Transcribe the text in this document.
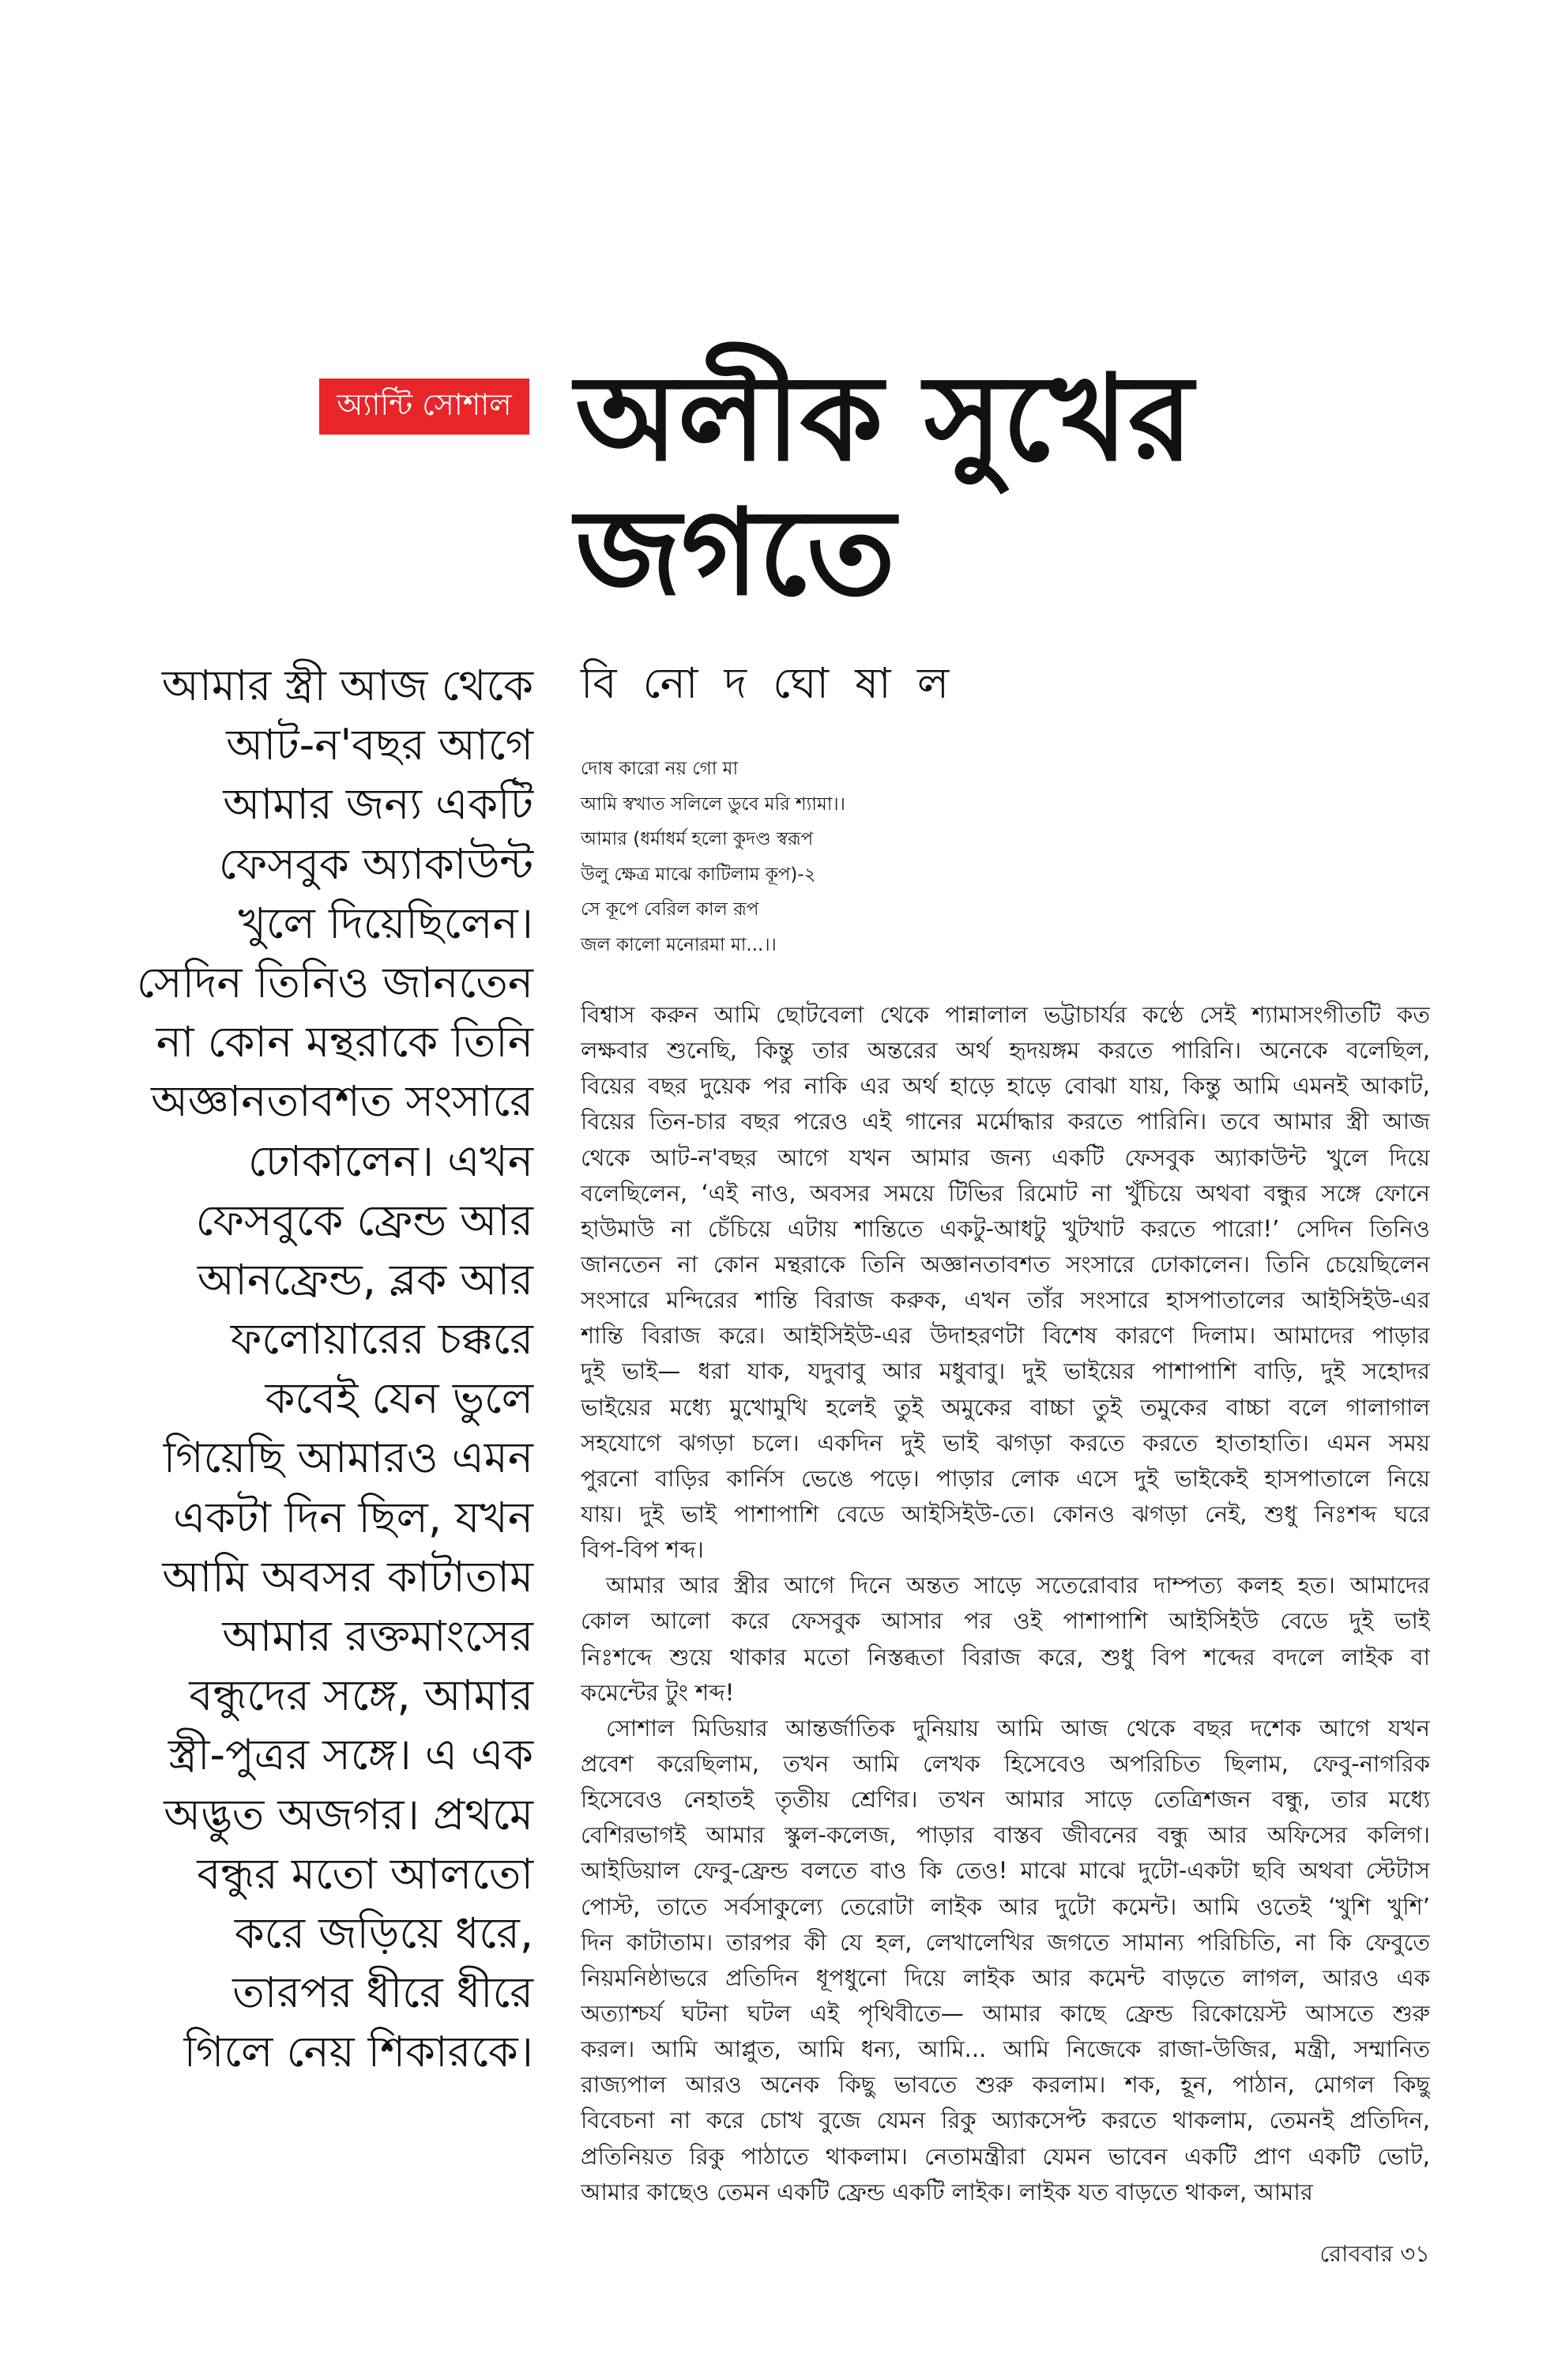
অ্যান্টি সোশাল অলীক সুখের
জগতে
বি নো দ ঘো ষা ল
আমার স্ত্রী আজ থেকে
আট-ন'বছর আগে
আমার জন্য একটি
ফেসবুক অ্যাকাউন্ট
খুলে দিয়েছিলেন।
সেদিন তিনিও জানতেন
না কোন মন্থরাকে তিনি
অজ্ঞানতাবশত সংসারে
ঢোকালেন। এখন
ফেসবুকে ফ্রেন্ড আর
আনফ্রেন্ড, ব্লক আর
ফলোয়ারের চক্করে
কবেই যেন ভুলে
গিয়েছি আমারও এমন
একটা দিন ছিল, যখন
আমি অবসর কাটাতাম
আমার রক্তমাংসের
বন্ধুদের সঙ্গে, আমার
স্ত্রী-পুত্রর সঙ্গে। এ এক
অদ্ভুত অজগর। প্রথমে
বন্ধুর মতো আলতো
করে জড়িয়ে ধরে,
তারপর ধীরে ধীরে
গিলে নেয় শিকারকে।
দোষ কারো নয় গো মা
আমি স্বখাত সলিলে ডুবে মরি শ্যামা।।
আমার (ধর্মাধর্ম হলো কুদণ্ড স্বরূপ
উলু ক্ষেত্র মাঝে কাটিলাম কূপ)-২
সে কূপে বেরিল কাল রূপ
জল কালো মনোরমা মা...।।
বিশ্বাস করুন আমি ছোটবেলা থেকে পান্নালাল ভট্টাচার্যর কণ্ঠে সেই শ্যামাসংগীতটি কত
লক্ষবার শুনেছি, কিন্তু তার অন্তরের অর্থ হৃদয়ঙ্গম করতে পারিনি। অনেকে বলেছিল,
বিয়ের বছর দুয়েক পর নাকি এর অর্থ হাড়ে হাড়ে বোঝা যায়, কিন্তু আমি এমনই আকাট,
বিয়ের তিন-চার বছর পরেও এই গানের মর্মোদ্ধার করতে পারিনি। তবে আমার স্ত্রী আজ
থেকে আট-ন'বছর আগে যখন আমার জন্য একটি ফেসবুক অ্যাকাউন্ট খুলে দিয়ে
বলেছিলেন, ‘এই নাও, অবসর সময়ে টিভির রিমোট না খুঁচিয়ে অথবা বন্ধুর সঙ্গে ফোনে
হাউমাউ না চেঁচিয়ে এটায় শান্তিতে একটু-আধটু খুটখাট করতে পারো!’ সেদিন তিনিও
জানতেন না কোন মন্থরাকে তিনি অজ্ঞানতাবশত সংসারে ঢোকালেন। তিনি চেয়েছিলেন
সংসারে মন্দিরের শান্তি বিরাজ করুক, এখন তাঁর সংসারে হাসপাতালের আইসিইউ-এর
শান্তি বিরাজ করে। আইসিইউ-এর উদাহরণটা বিশেষ কারণে দিলাম। আমাদের পাড়ার
দুই ভাই— ধরা যাক, যদুবাবু আর মধুবাবু। দুই ভাইয়ের পাশাপাশি বাড়ি, দুই সহোদর
ভাইয়ের মধ্যে মুখোমুখি হলেই তুই অমুকের বাচ্চা তুই তমুকের বাচ্চা বলে গালাগাল
সহযোগে ঝগড়া চলে। একদিন দুই ভাই ঝগড়া করতে করতে হাতাহাতি। এমন সময়
পুরনো বাড়ির কার্নিস ভেঙে পড়ে। পাড়ার লোক এসে দুই ভাইকেই হাসপাতালে নিয়ে
যায়। দুই ভাই পাশাপাশি বেডে আইসিইউ-তে। কোনও ঝগড়া নেই, শুধু নিঃশব্দ ঘরে
বিপ-বিপ শব্দ।
আমার আর স্ত্রীর আগে দিনে অন্তত সাড়ে সতেরোবার দাম্পত্য কলহ হত। আমাদের
কোল আলো করে ফেসবুক আসার পর ওই পাশাপাশি আইসিইউ বেডে দুই ভাই
নিঃশব্দে শুয়ে থাকার মতো নিস্তব্ধতা বিরাজ করে, শুধু বিপ শব্দের বদলে লাইক বা
কমেন্টের টুং শব্দ!
সোশাল মিডিয়ার আন্তর্জাতিক দুনিয়ায় আমি আজ থেকে বছর দশেক আগে যখন
প্রবেশ করেছিলাম, তখন আমি লেখক হিসেবেও অপরিচিত ছিলাম, ফেবু-নাগরিক
হিসেবেও নেহাতই তৃতীয় শ্রেণির। তখন আমার সাড়ে তেত্রিশজন বন্ধু, তার মধ্যে
বেশিরভাগই আমার স্কুল-কলেজ, পাড়ার বাস্তব জীবনের বন্ধু আর অফিসের কলিগ।
আইডিয়াল ফেবু-ফ্রেন্ড বলতে বাও কি তেও! মাঝে মাঝে দুটো-একটা ছবি অথবা স্টেটাস
পোস্ট, তাতে সর্বসাকুল্যে তেরোটা লাইক আর দুটো কমেন্ট। আমি ওতেই ‘খুশি খুশি’
দিন কাটাতাম। তারপর কী যে হল, লেখালেখির জগতে সামান্য পরিচিতি, না কি ফেবুতে
নিয়মনিষ্ঠাভরে প্রতিদিন ধূপধুনো দিয়ে লাইক আর কমেন্ট বাড়তে লাগল, আরও এক
অত্যাশ্চর্য ঘটনা ঘটল এই পৃথিবীতে— আমার কাছে ফ্রেন্ড রিকোয়েস্ট আসতে শুরু
করল। আমি আপ্লুত, আমি ধন্য, আমি... আমি নিজেকে রাজা-উজির, মন্ত্রী, সম্মানিত
রাজ্যপাল আরও অনেক কিছু ভাবতে শুরু করলাম। শক, হূন, পাঠান, মোগল কিছু
বিবেচনা না করে চোখ বুজে যেমন রিকু অ্যাকসেপ্ট করতে থাকলাম, তেমনই প্রতিদিন,
প্রতিনিয়ত রিকু পাঠাতে থাকলাম। নেতামন্ত্রীরা যেমন ভাবেন একটি প্রাণ একটি ভোট,
আমার কাছেও তেমন একটি ফ্রেন্ড একটি লাইক। লাইক যত বাড়তে থাকল, আমার
রোববার ৩১
